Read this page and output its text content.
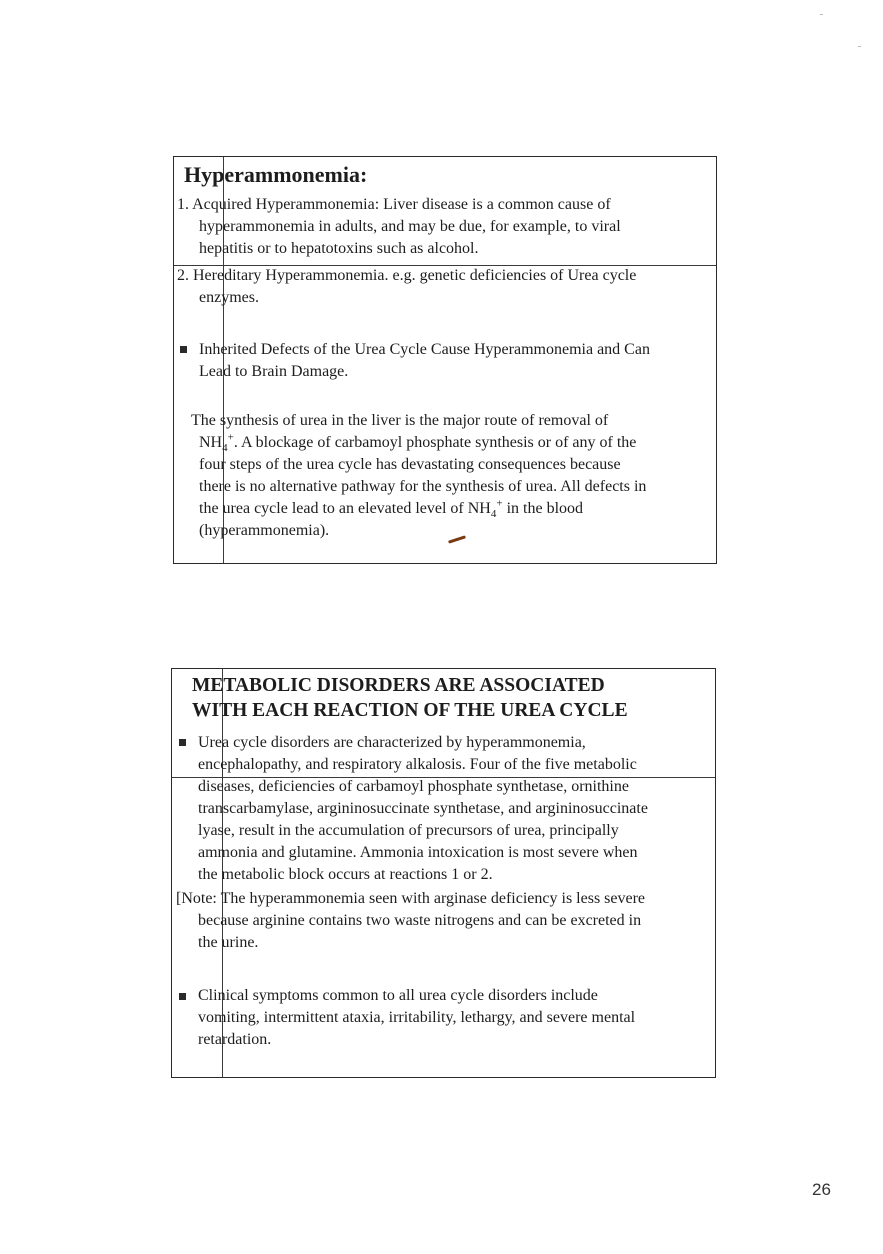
Hyperammonemia:
1. Acquired Hyperammonemia: Liver disease is a common cause of
hyperammonemia in adults, and may be due, for example, to viral
hepatitis or to hepatotoxins such as alcohol.
2. Hereditary Hyperammonemia. e.g. genetic deficiencies of Urea cycle
enzymes.
Inherited Defects of the Urea Cycle Cause Hyperammonemia and Can
Lead to Brain Damage.
The synthesis of urea in the liver is the major route of removal of
$NH_4^+$. A blockage of carbamoyl phosphate synthesis or of any of the
four steps of the urea cycle has devastating consequences because
there is no alternative pathway for the synthesis of urea. All defects in
the urea cycle lead to an elevated level of $NH_4^+$ in the blood
(hyperammonemia).
METABOLIC DISORDERS ARE ASSOCIATED
WITH EACH REACTION OF THE UREA CYCLE
Urea cycle disorders are characterized by hyperammonemia,
encephalopathy, and respiratory alkalosis. Four of the five metabolic
diseases, deficiencies of carbamoyl phosphate synthetase, ornithine
transcarbamylase, argininosuccinate synthetase, and argininosuccinate
lyase, result in the accumulation of precursors of urea, principally
ammonia and glutamine. Ammonia intoxication is most severe when
the metabolic block occurs at reactions 1 or 2.
[Note: The hyperammonemia seen with arginase deficiency is less severe
because arginine contains two waste nitrogens and can be excreted in
the urine.
Clinical symptoms common to all urea cycle disorders include
vomiting, intermittent ataxia, irritability, lethargy, and severe mental
retardation.
26
